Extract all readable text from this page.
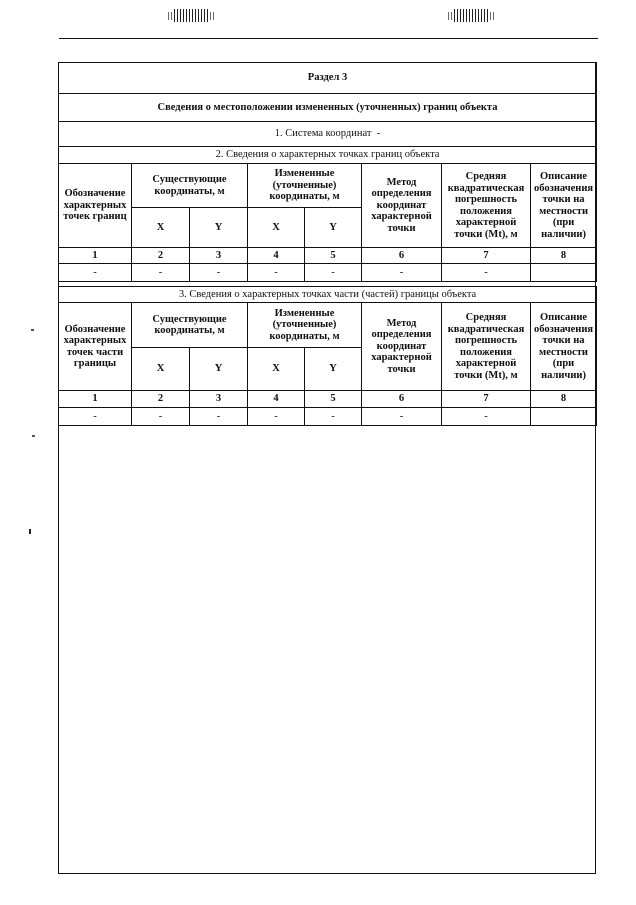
Раздел 3
Сведения о местоположении измененных (уточненных) границ объекта
1. Система координат -
2. Сведения о характерных точках границ объекта							
Обозначение характерных точек границ	Существующие координаты, м		Измененные (уточненные) координаты, м		Метод определения координат характерной точки	Средняя квадратическая погрешность положения характерной точки (Mt), м	Описание обозначения точки на местности (при наличии)
	X	Y	X	Y			
1	2	3	4	5	6	7	8
-	-	-	-	-	-	-	
3. Сведения о характерных точках части (частей) границы объекта							
Обозначение характерных точек части границы	Существующие координаты, м		Измененные (уточненные) координаты, м		Метод определения координат характерной точки	Средняя квадратическая погрешность положения характерной точки (Mt), м	Описание обозначения точки на местности (при наличии)
	X	Y	X	Y			
1	2	3	4	5	6	7	8
-	-	-	-	-	-	-	
